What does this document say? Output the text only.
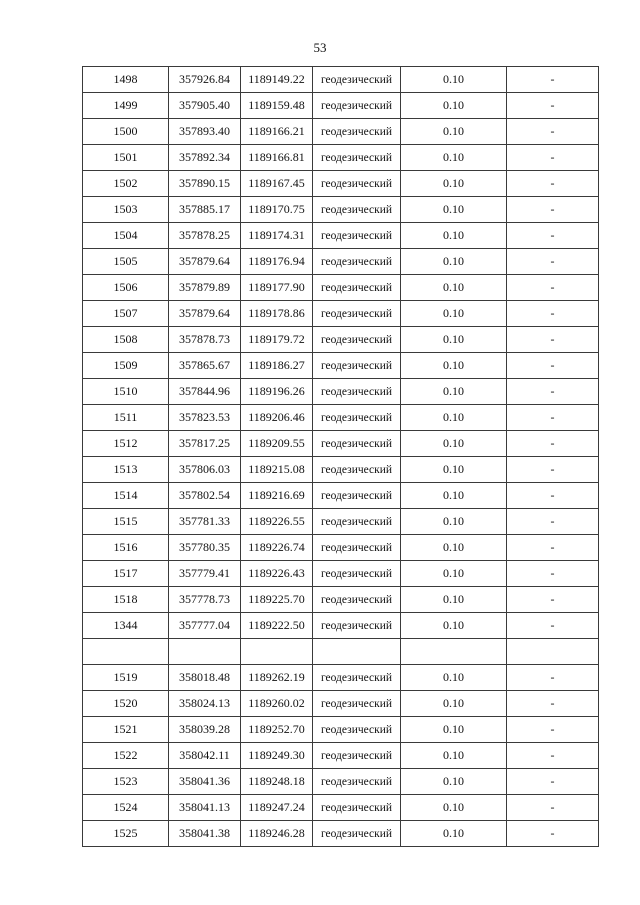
53
1498	357926.84	1189149.22	геодезический	0.10	-
1499	357905.40	1189159.48	геодезический	0.10	-
1500	357893.40	1189166.21	геодезический	0.10	-
1501	357892.34	1189166.81	геодезический	0.10	-
1502	357890.15	1189167.45	геодезический	0.10	-
1503	357885.17	1189170.75	геодезический	0.10	-
1504	357878.25	1189174.31	геодезический	0.10	-
1505	357879.64	1189176.94	геодезический	0.10	-
1506	357879.89	1189177.90	геодезический	0.10	-
1507	357879.64	1189178.86	геодезический	0.10	-
1508	357878.73	1189179.72	геодезический	0.10	-
1509	357865.67	1189186.27	геодезический	0.10	-
1510	357844.96	1189196.26	геодезический	0.10	-
1511	357823.53	1189206.46	геодезический	0.10	-
1512	357817.25	1189209.55	геодезический	0.10	-
1513	357806.03	1189215.08	геодезический	0.10	-
1514	357802.54	1189216.69	геодезический	0.10	-
1515	357781.33	1189226.55	геодезический	0.10	-
1516	357780.35	1189226.74	геодезический	0.10	-
1517	357779.41	1189226.43	геодезический	0.10	-
1518	357778.73	1189225.70	геодезический	0.10	-
1344	357777.04	1189222.50	геодезический	0.10	-

1519	358018.48	1189262.19	геодезический	0.10	-
1520	358024.13	1189260.02	геодезический	0.10	-
1521	358039.28	1189252.70	геодезический	0.10	-
1522	358042.11	1189249.30	геодезический	0.10	-
1523	358041.36	1189248.18	геодезический	0.10	-
1524	358041.13	1189247.24	геодезический	0.10	-
1525	358041.38	1189246.28	геодезический	0.10	-
